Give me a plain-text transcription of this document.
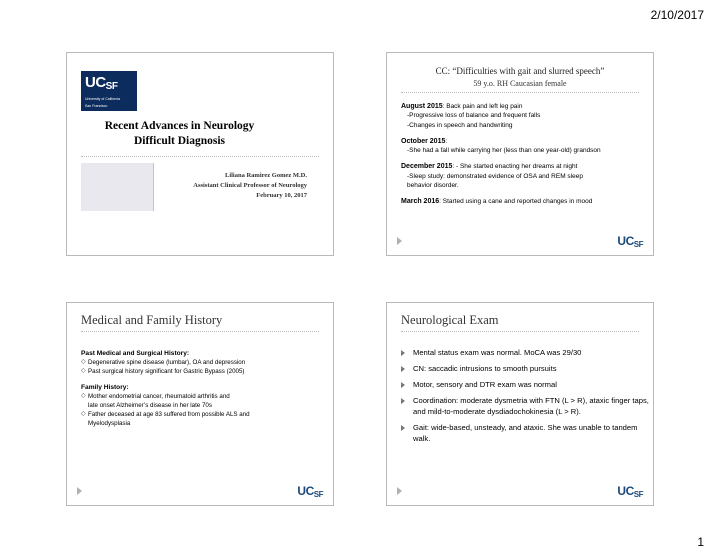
2/10/2017
$UC_{SF}$
University of California
San Francisco
Recent Advances in Neurology
Difficult Diagnosis
Liliana Ramirez Gomez M.D.
Assistant Clinical Professor of Neurology
February 10, 2017
CC: “Difficulties with gait and slurred speech”
59 y.o. RH Caucasian female
August 2015: Back pain and left leg pain
-Progressive loss of balance and frequent falls
-Changes in speech and handwriting
October 2015:
-She had a fall while carrying her (less than one year-old) grandson
December 2015: - She started enacting her dreams at night
-Sleep study: demonstrated evidence of OSA and REM sleep
behavior disorder.
March 2016: Started using a cane and reported changes in mood
$UC_{SF}$
Medical and Family History
Past Medical and Surgical History:
◇ Degenerative spine disease (lumbar), OA and depression
◇ Past surgical history significant for Gastric Bypass (2005)
Family History:
◇ Mother endometrial cancer, rheumatoid arthritis and
late onset Alzheimer’s disease in her late 70s
◇ Father deceased at age 83 suffered from possible ALS and
Myelodysplasia
$UC_{SF}$
Neurological Exam
Mental status exam was normal. MoCA was 29/30
CN: saccadic intrusions to smooth pursuits
Motor, sensory and DTR exam was normal
Coordination: moderate dysmetria with FTN (L > R), ataxic finger taps, and mild-to-moderate dysdiadochokinesia (L > R).
Gait: wide-based, unsteady, and ataxic. She was unable to tandem walk.
$UC_{SF}$
1
